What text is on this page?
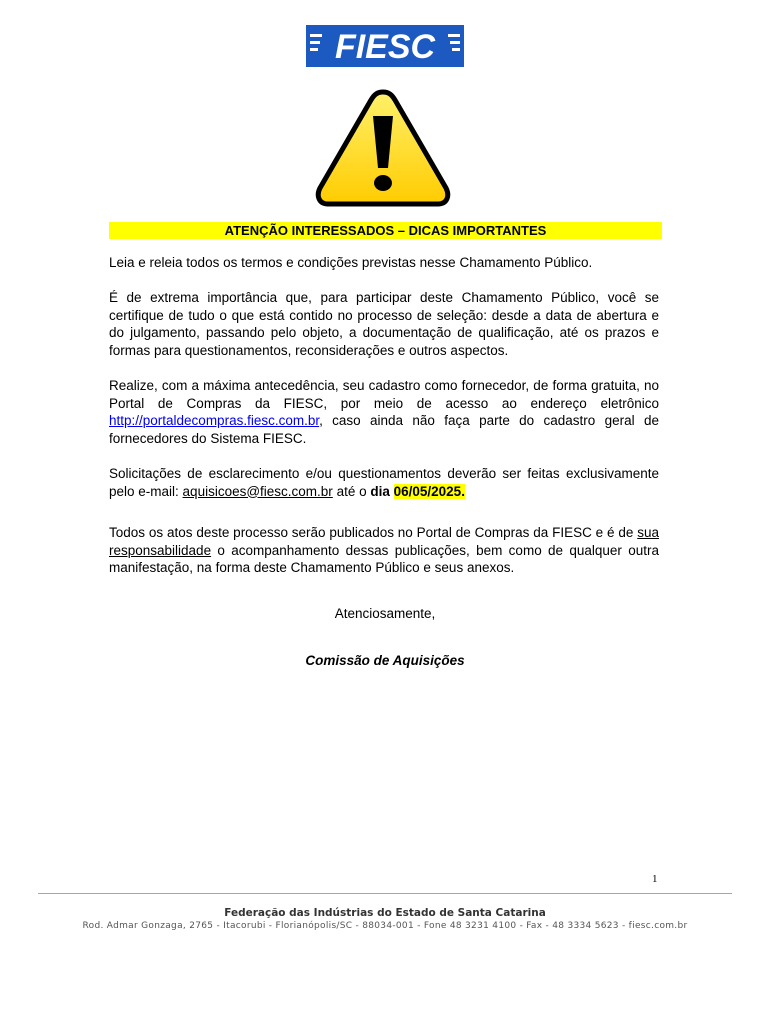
FIESC
ATENÇÃO INTERESSADOS – DICAS IMPORTANTES

Leia e releia todos os termos e condições previstas nesse Chamamento Público.

É de extrema importância que, para participar deste Chamamento Público, você se certifique de tudo o que está contido no processo de seleção: desde a data de abertura e do julgamento, passando pelo objeto, a documentação de qualificação, até os prazos e formas para questionamentos, reconsiderações e outros aspectos.

Realize, com a máxima antecedência, seu cadastro como fornecedor, de forma gratuita, no Portal de Compras da FIESC, por meio de acesso ao endereço eletrônico http://portaldecompras.fiesc.com.br, caso ainda não faça parte do cadastro geral de fornecedores do Sistema FIESC.

Solicitações de esclarecimento e/ou questionamentos deverão ser feitas exclusivamente pelo e-mail: aquisicoes@fiesc.com.br até o dia 06/05/2025.

Todos os atos deste processo serão publicados no Portal de Compras da FIESC e é de sua responsabilidade o acompanhamento dessas publicações, bem como de qualquer outra manifestação, na forma deste Chamamento Público e seus anexos.

Atenciosamente,
Comissão de Aquisições
1
Federação das Indústrias do Estado de Santa Catarina
Rod. Admar Gonzaga, 2765 - Itacorubi - Florianópolis/SC - 88034-001 - Fone 48 3231 4100 - Fax - 48 3334 5623 - fiesc.com.br
